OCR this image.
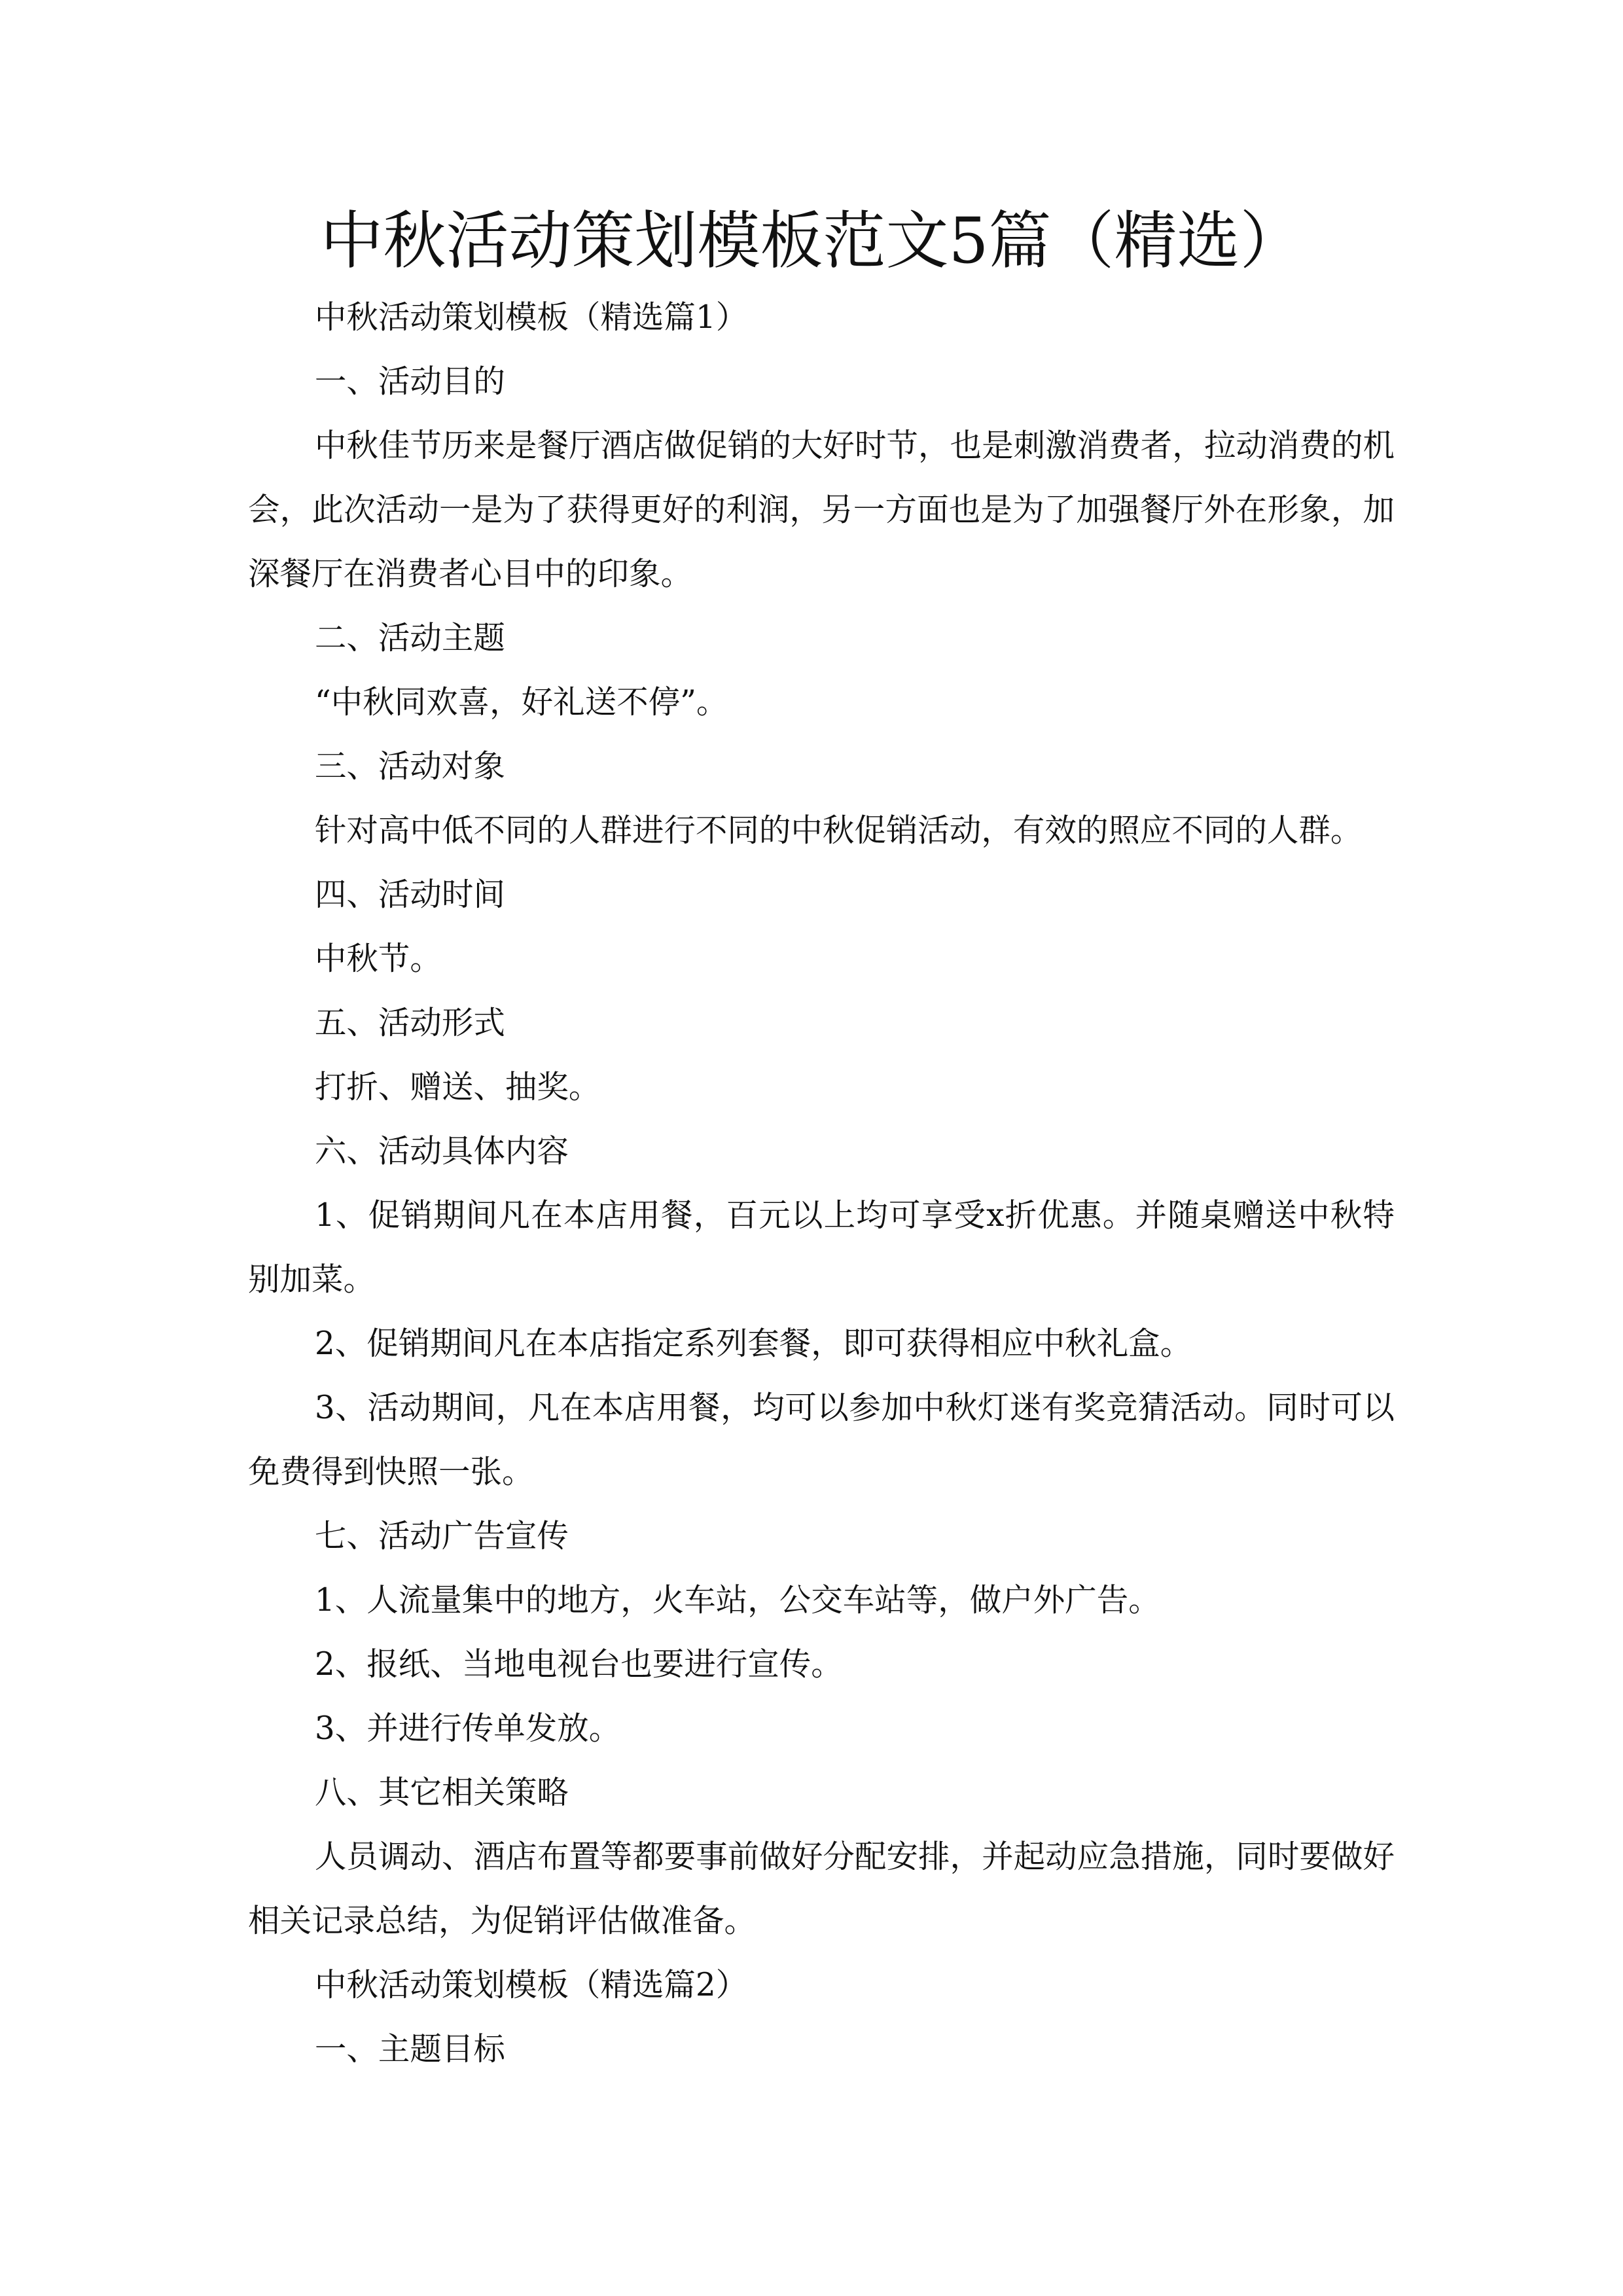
中秋活动策划模板范文5篇（精选）

中秋活动策划模板（精选篇1）

一、活动目的

中秋佳节历来是餐厅酒店做促销的大好时节，也是刺激消费者，拉动消费的机会，此次活动一是为了获得更好的利润，另一方面也是为了加强餐厅外在形象，加深餐厅在消费者心目中的印象。

二、活动主题

“中秋同欢喜，好礼送不停”。

三、活动对象

针对高中低不同的人群进行不同的中秋促销活动，有效的照应不同的人群。

四、活动时间

中秋节。

五、活动形式

打折、赠送、抽奖。

六、活动具体内容

1、促销期间凡在本店用餐，百元以上均可享受x折优惠。并随桌赠送中秋特别加菜。

2、促销期间凡在本店指定系列套餐，即可获得相应中秋礼盒。

3、活动期间，凡在本店用餐，均可以参加中秋灯迷有奖竞猜活动。同时可以免费得到快照一张。

七、活动广告宣传

1、人流量集中的地方，火车站，公交车站等，做户外广告。

2、报纸、当地电视台也要进行宣传。

3、并进行传单发放。

八、其它相关策略

人员调动、酒店布置等都要事前做好分配安排，并起动应急措施，同时要做好相关记录总结，为促销评估做准备。

中秋活动策划模板（精选篇2）

一、主题目标
